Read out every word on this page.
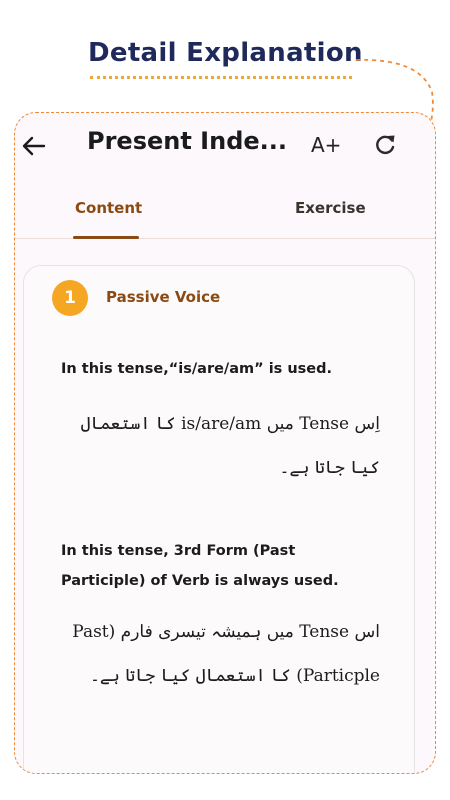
Detail Explanation
Present Inde... A+
Content	Exercise
1	Passive Voice
In this tense,“is/are/am” is used.
اِس Tense میں is/are/am کا استعمال کیا جاتا ہے۔
In this tense, 3rd Form (Past Participle) of Verb is always used.
اس Tense میں ہمیشہ تیسری فارم (Past Particple) کا استعمال کیا جاتا ہے۔
